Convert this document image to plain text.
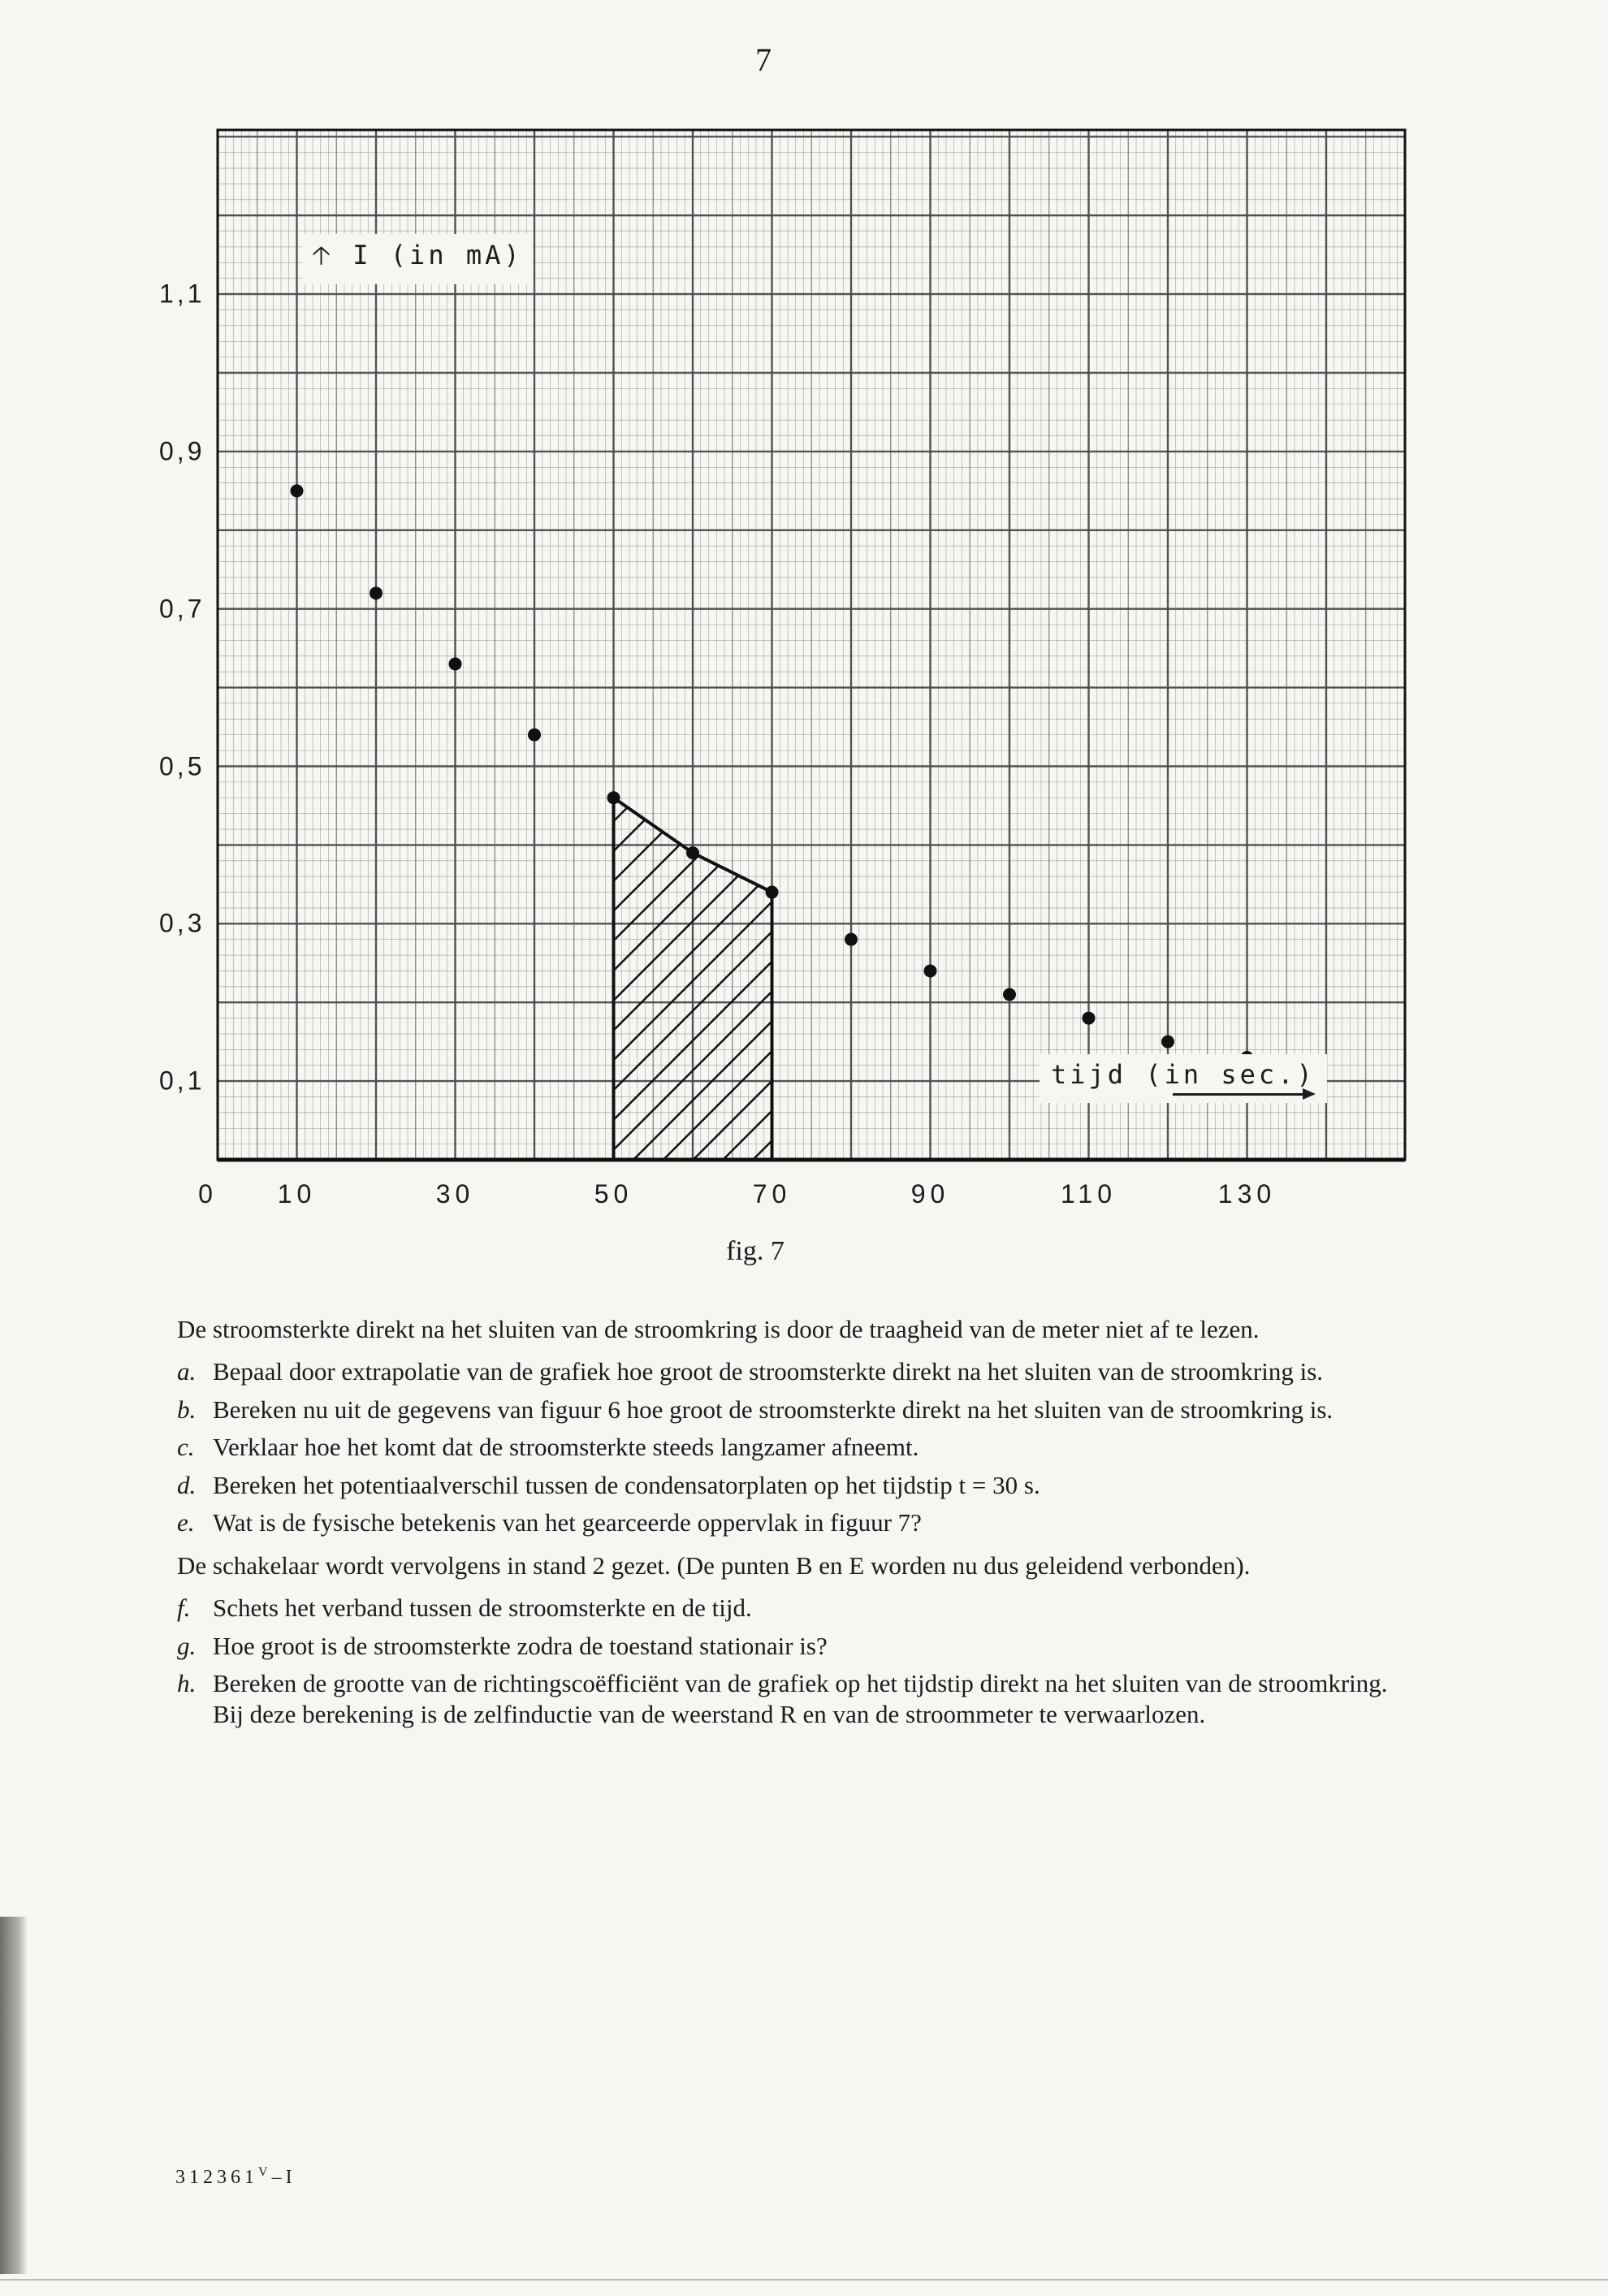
7
0 10	30	50	70	90	110	130
1,1
0,9
0,7
0,5
0,3
0,1
🡡 I (in mA)
tijd (in sec.)
fig. 7

De stroomsterkte direkt na het sluiten van de stroomkring is door de traagheid van de meter niet af te lezen.

a. Bepaal door extrapolatie van de grafiek hoe groot de stroomsterkte direkt na het sluiten van de stroomkring is.
b. Bereken nu uit de gegevens van figuur 6 hoe groot de stroomsterkte direkt na het sluiten van de stroomkring is.
c. Verklaar hoe het komt dat de stroomsterkte steeds langzamer afneemt.
d. Bereken het potentiaalverschil tussen de condensatorplaten op het tijdstip t = 30 s.
e. Wat is de fysische betekenis van het gearceerde oppervlak in figuur 7?

De schakelaar wordt vervolgens in stand 2 gezet. (De punten B en E worden nu dus geleidend verbonden).

f. Schets het verband tussen de stroomsterkte en de tijd.
g. Hoe groot is de stroomsterkte zodra de toestand stationair is?
h. Bereken de grootte van de richtingscoëfficiënt van de grafiek op het tijdstip direkt na het sluiten van de stroomkring. Bij deze berekening is de zelfinductie van de weerstand R en van de stroommeter te verwaarlozen.
$312361^V-I$
